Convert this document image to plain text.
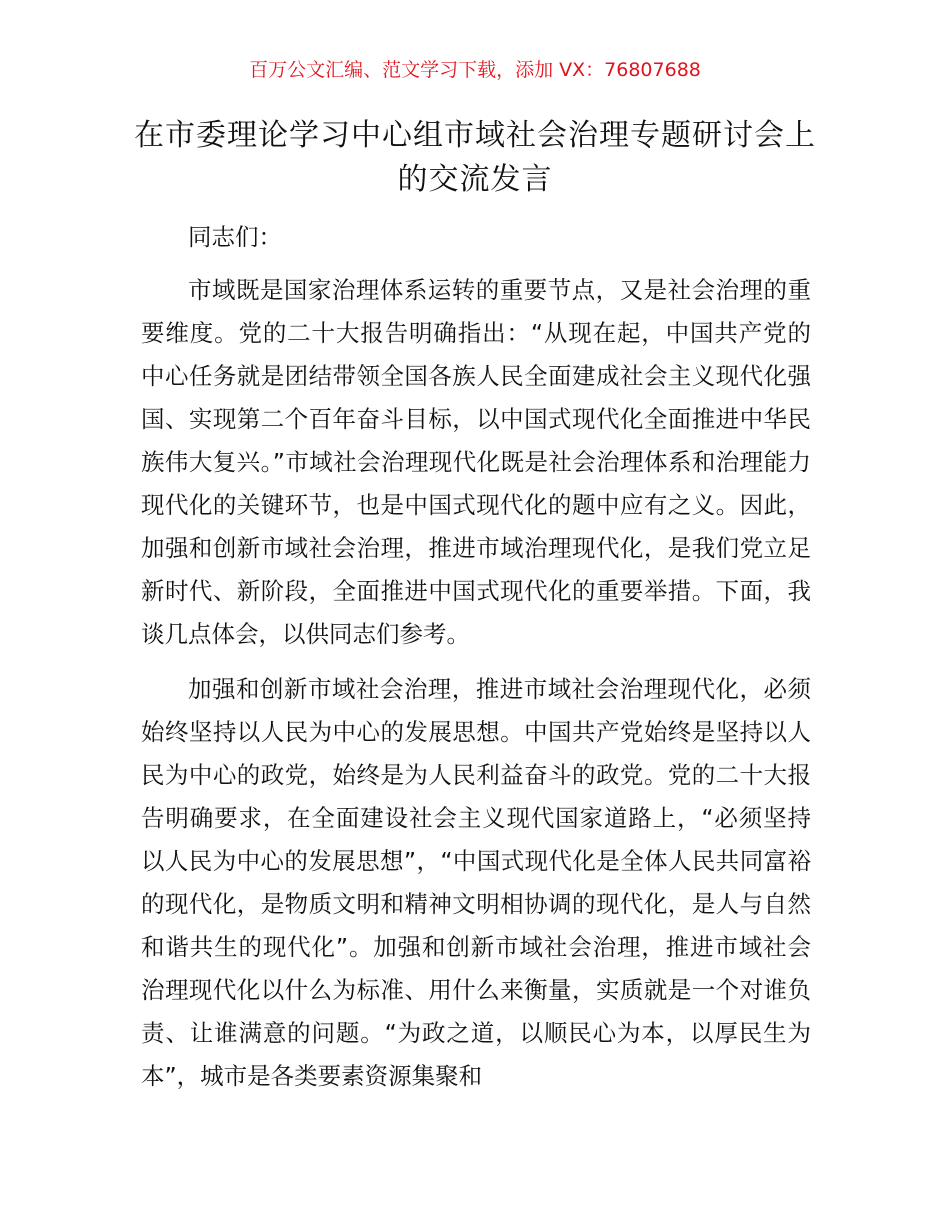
百万公文汇编、范文学习下载，添加 VX：76807688
在市委理论学习中心组市域社会治理专题研讨会上的交流发言

同志们：

市域既是国家治理体系运转的重要节点，又是社会治理的重要维度。党的二十大报告明确指出：“从现在起，中国共产党的中心任务就是团结带领全国各族人民全面建成社会主义现代化强国、实现第二个百年奋斗目标，以中国式现代化全面推进中华民族伟大复兴。”市域社会治理现代化既是社会治理体系和治理能力现代化的关键环节，也是中国式现代化的题中应有之义。因此，加强和创新市域社会治理，推进市域治理现代化，是我们党立足新时代、新阶段，全面推进中国式现代化的重要举措。下面，我谈几点体会，以供同志们参考。

加强和创新市域社会治理，推进市域社会治理现代化，必须始终坚持以人民为中心的发展思想。中国共产党始终是坚持以人民为中心的政党，始终是为人民利益奋斗的政党。党的二十大报告明确要求，在全面建设社会主义现代国家道路上，“必须坚持以人民为中心的发展思想”，“中国式现代化是全体人民共同富裕的现代化，是物质文明和精神文明相协调的现代化，是人与自然和谐共生的现代化”。加强和创新市域社会治理，推进市域社会治理现代化以什么为标准、用什么来衡量，实质就是一个对谁负责、让谁满意的问题。“为政之道，以顺民心为本，以厚民生为本”，城市是各类要素资源集聚和
